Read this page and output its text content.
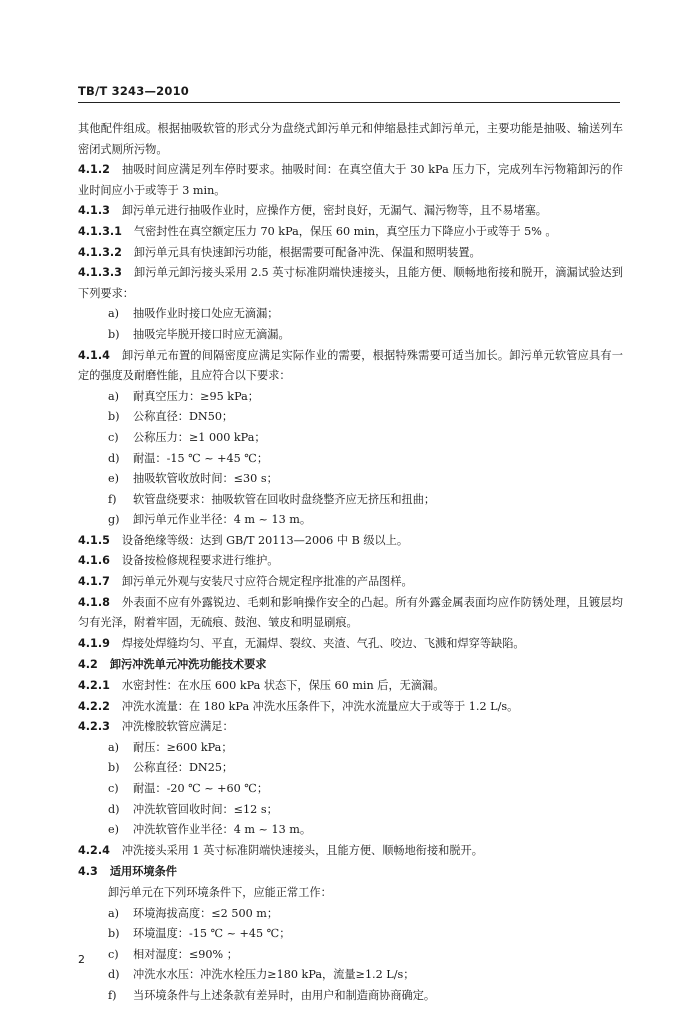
TB/T 3243—2010

其他配件组成。根据抽吸软管的形式分为盘绕式卸污单元和伸缩悬挂式卸污单元，主要功能是抽吸、输送列车密闭式厕所污物。

4.1.2 抽吸时间应满足列车停时要求。抽吸时间：在真空值大于 30 kPa 压力下，完成列车污物箱卸污的作业时间应小于或等于 3 min。

4.1.3 卸污单元进行抽吸作业时，应操作方便，密封良好，无漏气、漏污物等，且不易堵塞。

4.1.3.1 气密封性在真空额定压力 70 kPa，保压 60 min，真空压力下降应小于或等于 5% 。

4.1.3.2 卸污单元具有快速卸污功能，根据需要可配备冲洗、保温和照明装置。

4.1.3.3 卸污单元卸污接头采用 2.5 英寸标准阴端快速接头，且能方便、顺畅地衔接和脱开，滴漏试验达到下列要求：

a) 抽吸作业时接口处应无滴漏；

b) 抽吸完毕脱开接口时应无滴漏。

4.1.4 卸污单元布置的间隔密度应满足实际作业的需要，根据特殊需要可适当加长。卸污单元软管应具有一定的强度及耐磨性能，且应符合以下要求：

a) 耐真空压力：≥95 kPa；

b) 公称直径：DN50；

c) 公称压力：≥1 000 kPa；

d) 耐温：-15 ℃ ~ +45 ℃；

e) 抽吸软管收放时间：≤30 s；

f) 软管盘绕要求：抽吸软管在回收时盘绕整齐应无挤压和扭曲；

g) 卸污单元作业半径：4 m ~ 13 m。

4.1.5 设备绝缘等级：达到 GB/T 20113—2006 中 B 级以上。

4.1.6 设备按检修规程要求进行维护。

4.1.7 卸污单元外观与安装尺寸应符合规定程序批准的产品图样。

4.1.8 外表面不应有外露锐边、毛刺和影响操作安全的凸起。所有外露金属表面均应作防锈处理，且镀层均匀有光泽，附着牢固，无硫痕、鼓泡、皱皮和明显刷痕。

4.1.9 焊接处焊缝均匀、平直，无漏焊、裂纹、夹渣、气孔、咬边、飞溅和焊穿等缺陷。

4.2 卸污冲洗单元冲洗功能技术要求

4.2.1 水密封性：在水压 600 kPa 状态下，保压 60 min 后，无滴漏。

4.2.2 冲洗水流量：在 180 kPa 冲洗水压条件下，冲洗水流量应大于或等于 1.2 L/s。

4.2.3 冲洗橡胶软管应满足：

a) 耐压：≥600 kPa；

b) 公称直径：DN25；

c) 耐温：-20 ℃ ~ +60 ℃；

d) 冲洗软管回收时间：≤12 s；

e) 冲洗软管作业半径：4 m ~ 13 m。

4.2.4 冲洗接头采用 1 英寸标准阴端快速接头，且能方便、顺畅地衔接和脱开。

4.3 适用环境条件

卸污单元在下列环境条件下，应能正常工作：

a) 环境海拔高度：≤2 500 m；

b) 环境温度：-15 ℃ ~ +45 ℃；

c) 相对湿度：≤90% ；

d) 冲洗水水压：冲洗水栓压力≥180 kPa，流量≥1.2 L/s；

f) 当环境条件与上述条款有差异时，由用户和制造商协商确定。

2
